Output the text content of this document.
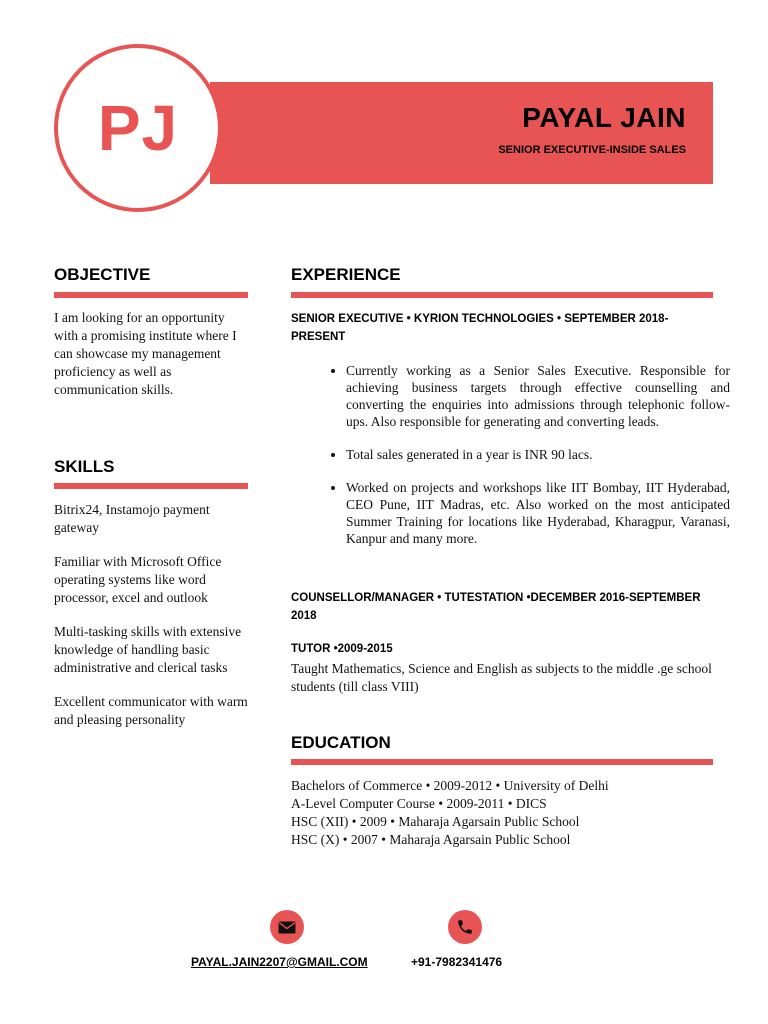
PJ	PAYAL JAIN
SENIOR EXECUTIVE-INSIDE SALES
OBJECTIVE
I am looking for an opportunity with a promising institute where I can showcase my management proficiency as well as communication skills.
SKILLS

Bitrix24, Instamojo payment gateway

Familiar with Microsoft Office operating systems like word processor, excel and outlook

Multi-tasking skills with extensive knowledge of handling basic administrative and clerical tasks

Excellent communicator with warm and pleasing personality

EXPERIENCE
SENIOR EXECUTIVE • KYRION TECHNOLOGIES • SEPTEMBER 2018-PRESENT
• Currently working as a Senior Sales Executive. Responsible for achieving business targets through effective counselling and converting the enquiries into admissions through telephonic follow-ups. Also responsible for generating and converting leads.
• Total sales generated in a year is INR 90 lacs.
• Worked on projects and workshops like IIT Bombay, IIT Hyderabad, CEO Pune, IIT Madras, etc. Also worked on the most anticipated Summer Training for locations like Hyderabad, Kharagpur, Varanasi, Kanpur and many more.
COUNSELLOR/MANAGER • TUTESTATION •DECEMBER 2016-SEPTEMBER 2018
TUTOR •2009-2015
Taught Mathematics, Science and English as subjects to the middle .ge school students (till class VIII)
EDUCATION
Bachelors of Commerce • 2009-2012 • University of Delhi
A-Level Computer Course • 2009-2011 • DICS
HSC (XII) • 2009 • Maharaja Agarsain Public School
HSC (X) • 2007 • Maharaja Agarsain Public School
PAYAL.JAIN2207@GMAIL.COM	+91-7982341476
